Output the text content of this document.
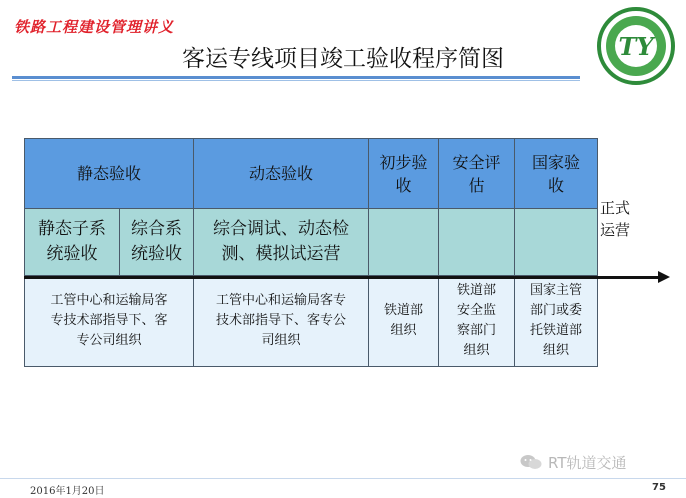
铁路工程建设管理讲义
TY
客运专线项目竣工验收程序简图
静态验收	动态验收
初步验
收
安全评
估
国家验
收
静态子系
统验收
综合系
统验收
综合调试、动态检
测、模拟试运营
工管中心和运输局客
专技术部指导下、客
专公司组织
工管中心和运输局客专
技术部指导下、客专公
司组织
铁道部
组织
铁道部
安全监
察部门
组织
国家主管
部门或委
托铁道部
组织
正式
运营
RT轨道交通
2016年1月20日	75
